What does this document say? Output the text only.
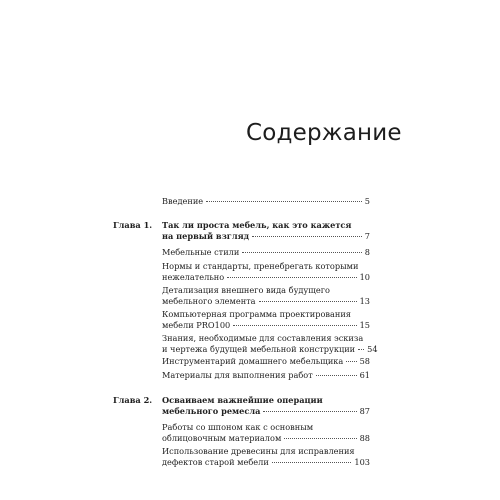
Содержание
Введение	5
Глава 1. Так ли проста мебель, как это кажется
на первый взгляд	7
Мебельные стили	8
Нормы и стандарты, пренебрегать которыми
нежелательно	10
Детализация внешнего вида будущего
мебельного элемента	13
Компьютерная программа проектирования
мебели PRO100	15
Знания, необходимые для составления эскиза
и чертежа будущей мебельной конструкции 54
Инструментарий домашнего мебельщика 58
Материалы для выполнения работ	61
Глава 2. Осваиваем важнейшие операции
мебельного ремесла	87
Работы со шпоном как с основным
облицовочным материалом	88
Использование древесины для исправления
дефектов старой мебели	103
